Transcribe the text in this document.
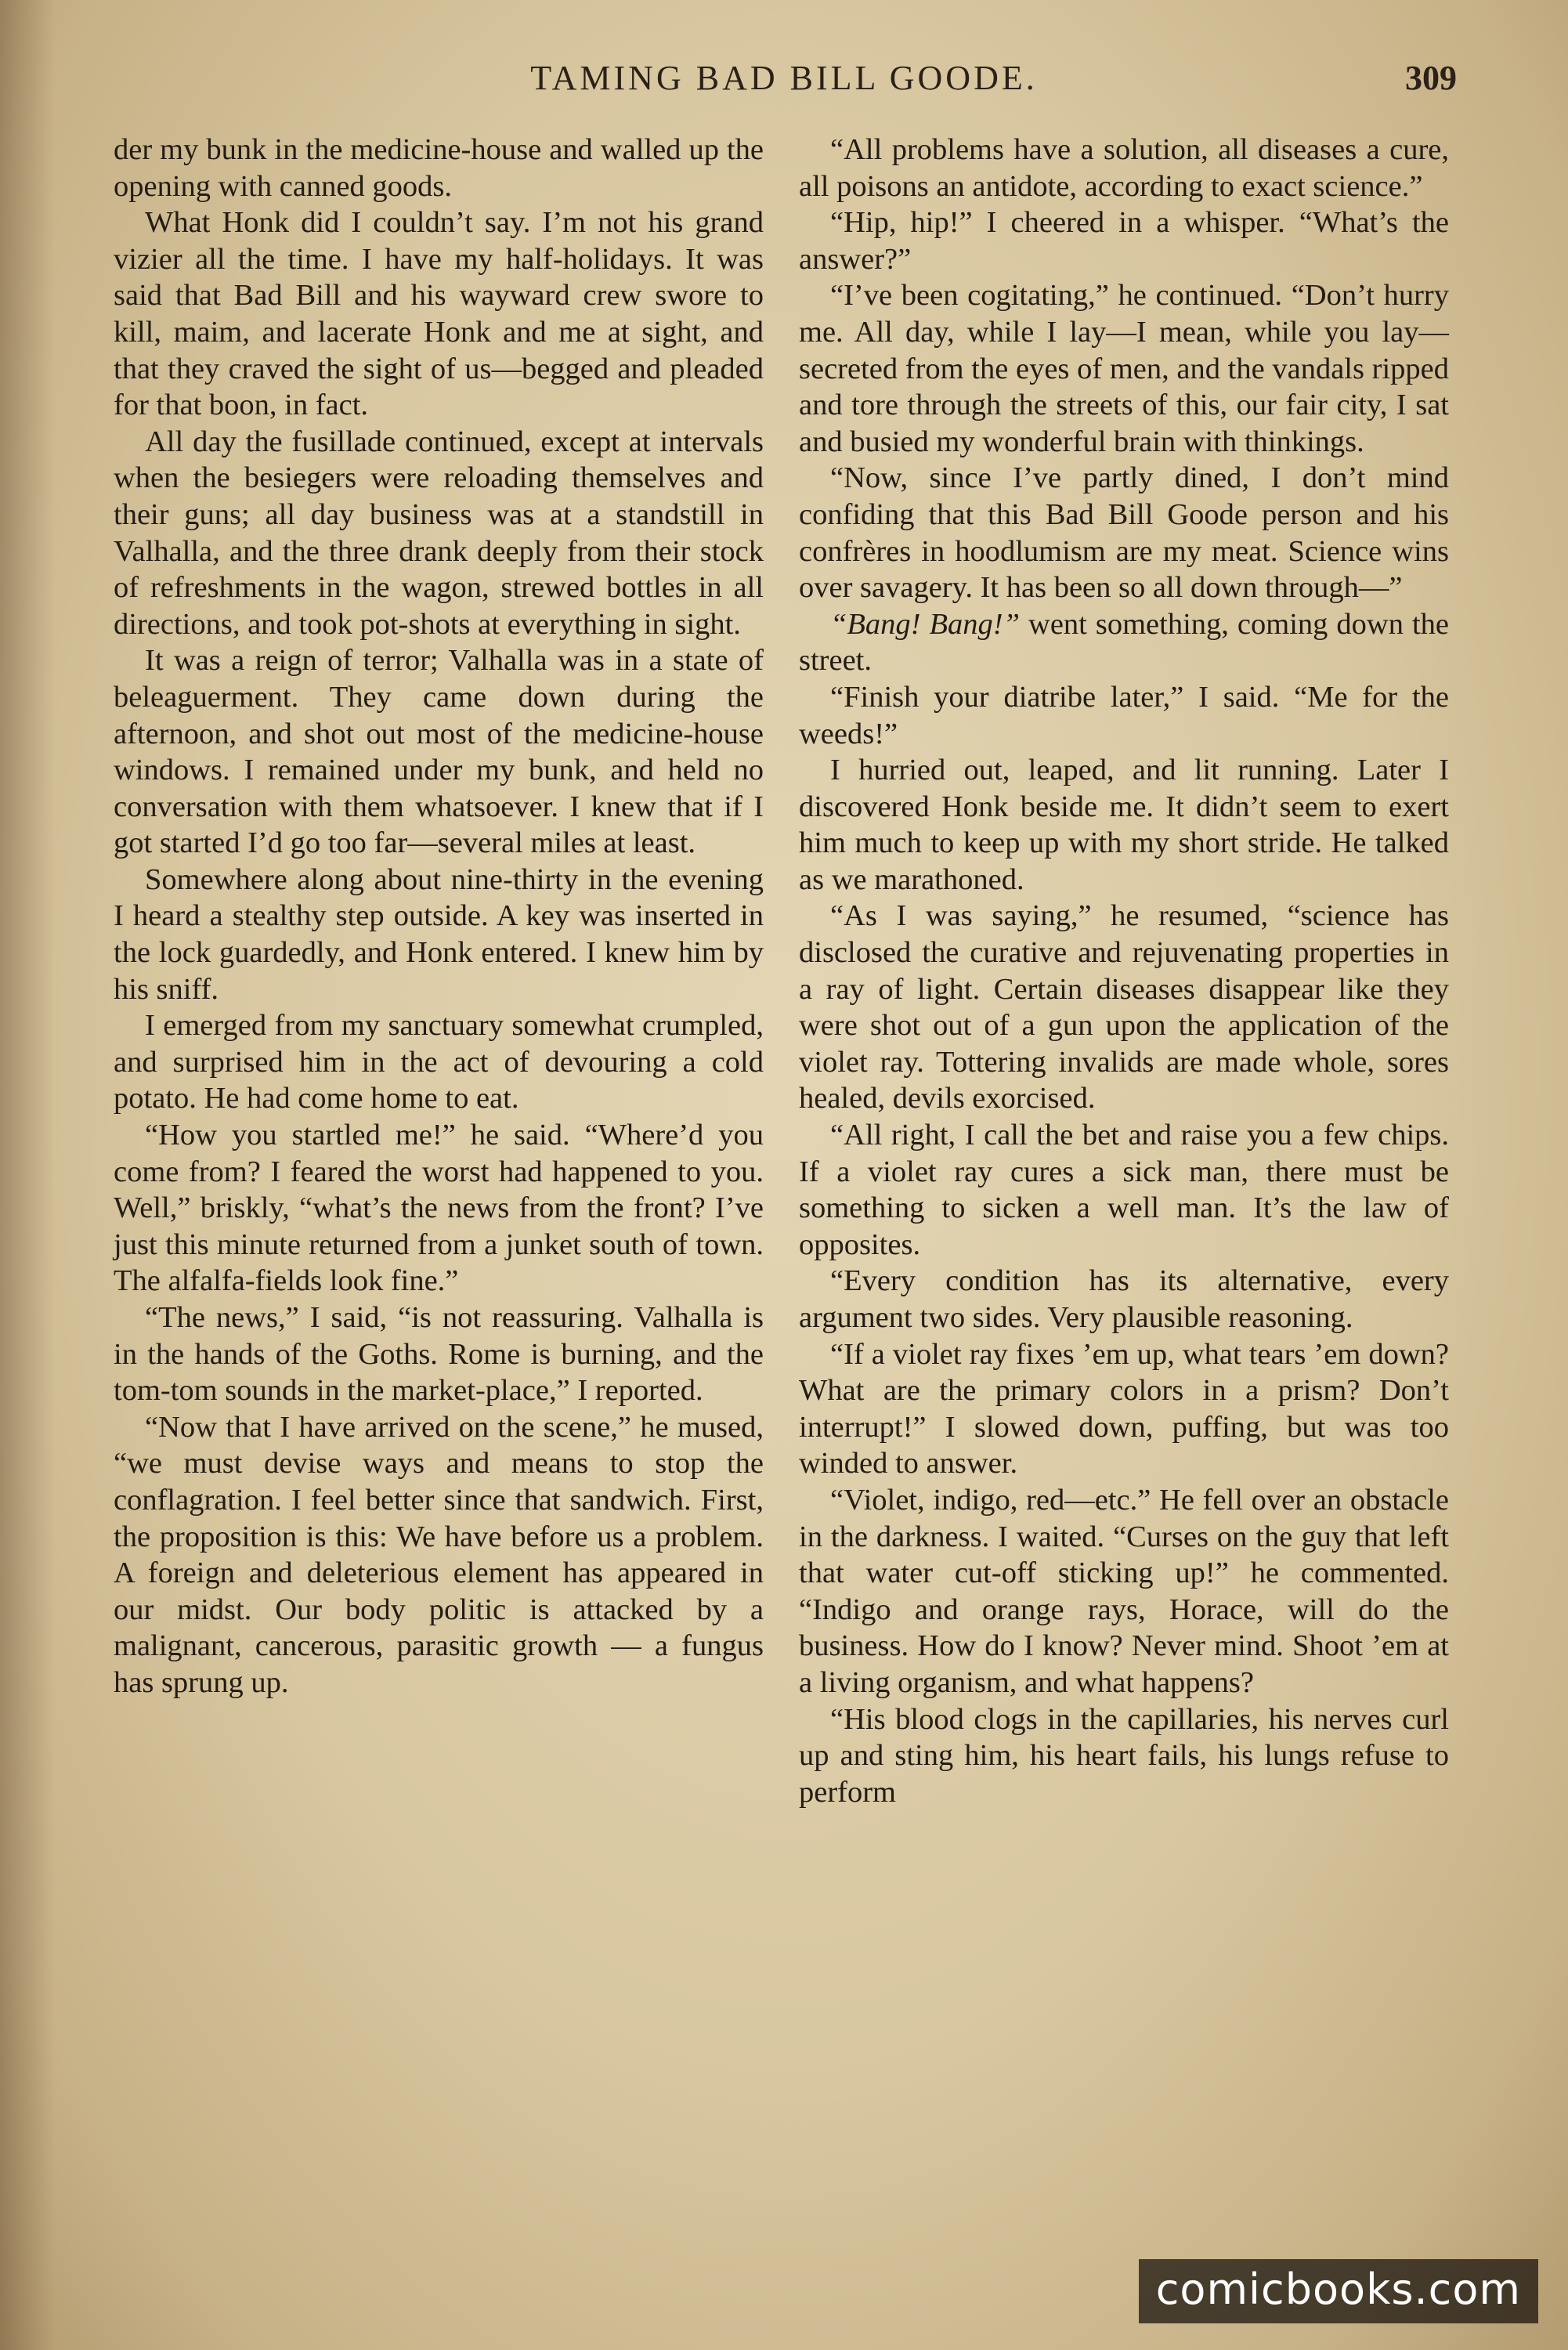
TAMING BAD BILL GOODE.	309

der my bunk in the medicine-house and walled up the opening with canned goods.

What Honk did I couldn’t say. I’m not his grand vizier all the time. I have my half-holidays. It was said that Bad Bill and his wayward crew swore to kill, maim, and lacerate Honk and me at sight, and that they craved the sight of us—begged and pleaded for that boon, in fact.

All day the fusillade continued, except at intervals when the besiegers were reloading themselves and their guns; all day business was at a standstill in Valhalla, and the three drank deeply from their stock of refreshments in the wagon, strewed bottles in all directions, and took pot-shots at everything in sight.

It was a reign of terror; Valhalla was in a state of beleaguerment. They came down during the afternoon, and shot out most of the medicine-house windows. I remained under my bunk, and held no conversation with them whatsoever. I knew that if I got started I’d go too far—several miles at least.

Somewhere along about nine-thirty in the evening I heard a stealthy step outside. A key was inserted in the lock guardedly, and Honk entered. I knew him by his sniff.

I emerged from my sanctuary somewhat crumpled, and surprised him in the act of devouring a cold potato. He had come home to eat.

“How you startled me!” he said. “Where’d you come from? I feared the worst had happened to you. Well,” briskly, “what’s the news from the front? I’ve just this minute returned from a junket south of town. The alfalfa-fields look fine.”

“The news,” I said, “is not reassuring. Valhalla is in the hands of the Goths. Rome is burning, and the tom-tom sounds in the market-place,” I reported.

“Now that I have arrived on the scene,” he mused, “we must devise ways and means to stop the conflagration. I feel better since that sandwich. First, the proposition is this: We have before us a problem. A foreign and deleterious element has appeared in our midst. Our body politic is attacked by a malignant, cancerous, parasitic growth — a fungus has sprung up.

“All problems have a solution, all diseases a cure, all poisons an antidote, according to exact science.”

“Hip, hip!” I cheered in a whisper. “What’s the answer?”

“I’ve been cogitating,” he continued. “Don’t hurry me. All day, while I lay—I mean, while you lay—secreted from the eyes of men, and the vandals ripped and tore through the streets of this, our fair city, I sat and busied my wonderful brain with thinkings.

“Now, since I’ve partly dined, I don’t mind confiding that this Bad Bill Goode person and his confrères in hoodlumism are my meat. Science wins over savagery. It has been so all down through—”

“Bang! Bang!” went something, coming down the street.

“Finish your diatribe later,” I said. “Me for the weeds!”

I hurried out, leaped, and lit running. Later I discovered Honk beside me. It didn’t seem to exert him much to keep up with my short stride. He talked as we marathoned.

“As I was saying,” he resumed, “science has disclosed the curative and rejuvenating properties in a ray of light. Certain diseases disappear like they were shot out of a gun upon the application of the violet ray. Tottering invalids are made whole, sores healed, devils exorcised.

“All right, I call the bet and raise you a few chips. If a violet ray cures a sick man, there must be something to sicken a well man. It’s the law of opposites.

“Every condition has its alternative, every argument two sides. Very plausible reasoning.

“If a violet ray fixes ’em up, what tears ’em down? What are the primary colors in a prism? Don’t interrupt!” I slowed down, puffing, but was too winded to answer.

“Violet, indigo, red—etc.” He fell over an obstacle in the darkness. I waited. “Curses on the guy that left that water cut-off sticking up!” he commented. “Indigo and orange rays, Horace, will do the business. How do I know? Never mind. Shoot ’em at a living organism, and what happens?

“His blood clogs in the capillaries, his nerves curl up and sting him, his heart fails, his lungs refuse to perform

comicbooks.com
